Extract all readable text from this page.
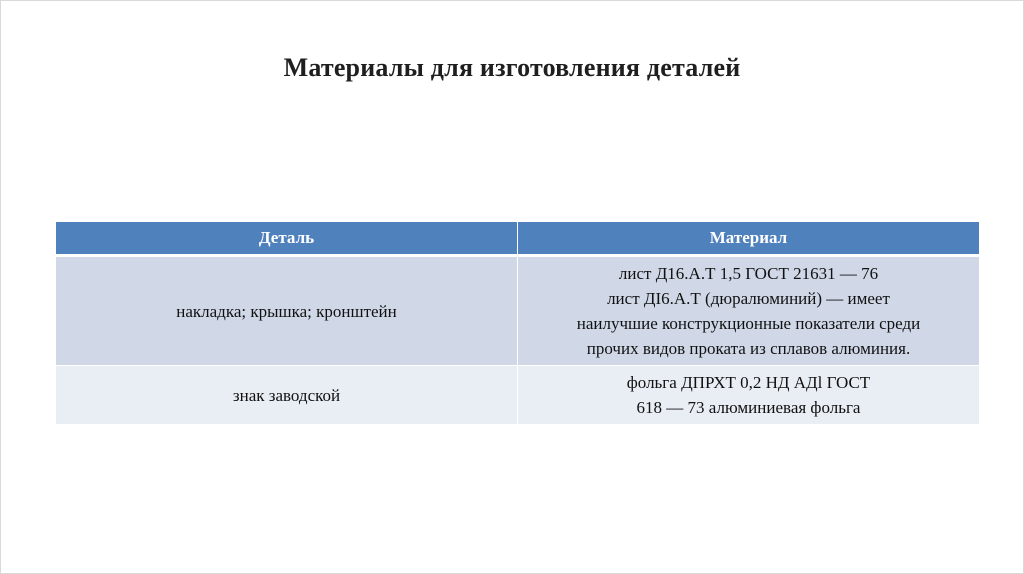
Материалы для изготовления деталей
Деталь	Материал
накладка; крышка; кронштейн	лист Д16.А.Т 1,5 ГОСТ 21631 — 76
лист ДI6.А.Т (дюралюминий) — имеет
наилучшие конструкционные показатели среди
прочих видов проката из сплавов алюминия.

знак заводской	фольга ДПРХТ 0,2 НД АДl ГОСТ
618 — 73 алюминиевая фольга
